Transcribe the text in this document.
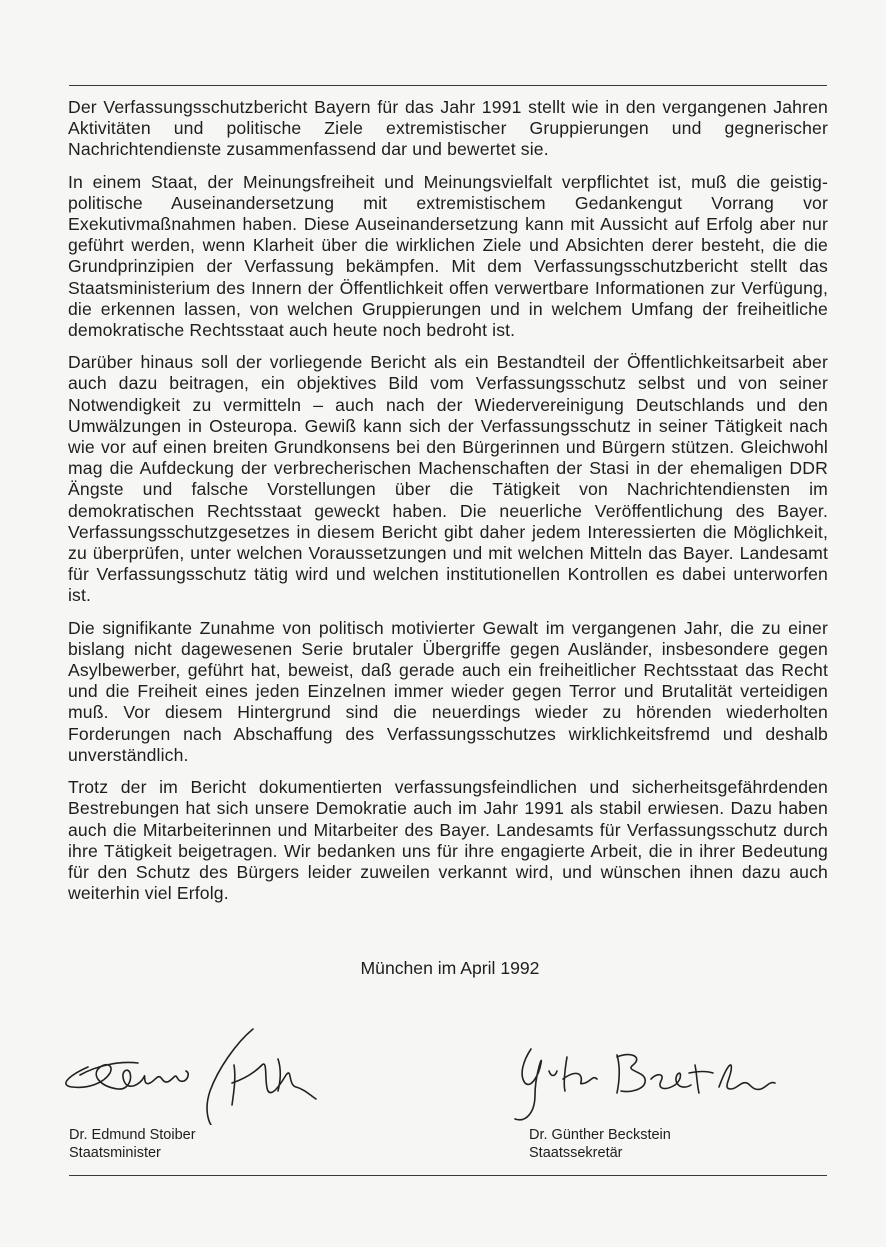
Der Verfassungsschutzbericht Bayern für das Jahr 1991 stellt wie in den vergangenen Jahren Aktivitäten und politische Ziele extremistischer Gruppierungen und gegnerischer Nachrichtendienste zusammenfassend dar und bewertet sie.

In einem Staat, der Meinungsfreiheit und Meinungsvielfalt verpflichtet ist, muß die geistig-politische Auseinandersetzung mit extremistischem Gedankengut Vorrang vor Exekutivmaßnahmen haben. Diese Auseinandersetzung kann mit Aussicht auf Erfolg aber nur geführt werden, wenn Klarheit über die wirklichen Ziele und Absichten derer besteht, die die Grundprinzipien der Verfassung bekämpfen. Mit dem Verfassungsschutzbericht stellt das Staatsministerium des Innern der Öffentlichkeit offen verwertbare Informationen zur Verfügung, die erkennen lassen, von welchen Gruppierungen und in welchem Umfang der freiheitliche demokratische Rechtsstaat auch heute noch bedroht ist.

Darüber hinaus soll der vorliegende Bericht als ein Bestandteil der Öffentlichkeitsarbeit aber auch dazu beitragen, ein objektives Bild vom Verfassungsschutz selbst und von seiner Notwendigkeit zu vermitteln – auch nach der Wiedervereinigung Deutschlands und den Umwälzungen in Osteuropa. Gewiß kann sich der Verfassungsschutz in seiner Tätigkeit nach wie vor auf einen breiten Grundkonsens bei den Bürgerinnen und Bürgern stützen. Gleichwohl mag die Aufdeckung der verbrecherischen Machenschaften der Stasi in der ehemaligen DDR Ängste und falsche Vorstellungen über die Tätigkeit von Nachrichtendiensten im demokratischen Rechtsstaat geweckt haben. Die neuerliche Veröffentlichung des Bayer. Verfassungsschutzgesetzes in diesem Bericht gibt daher jedem Interessierten die Möglichkeit, zu überprüfen, unter welchen Voraussetzungen und mit welchen Mitteln das Bayer. Landesamt für Verfassungsschutz tätig wird und welchen institutionellen Kontrollen es dabei unterworfen ist.

Die signifikante Zunahme von politisch motivierter Gewalt im vergangenen Jahr, die zu einer bislang nicht dagewesenen Serie brutaler Übergriffe gegen Ausländer, insbesondere gegen Asylbewerber, geführt hat, beweist, daß gerade auch ein freiheitlicher Rechtsstaat das Recht und die Freiheit eines jeden Einzelnen immer wieder gegen Terror und Brutalität verteidigen muß. Vor diesem Hintergrund sind die neuerdings wieder zu hörenden wiederholten Forderungen nach Abschaffung des Verfassungsschutzes wirklichkeitsfremd und deshalb unverständlich.

Trotz der im Bericht dokumentierten verfassungsfeindlichen und sicherheitsgefährdenden Bestrebungen hat sich unsere Demokratie auch im Jahr 1991 als stabil erwiesen. Dazu haben auch die Mitarbeiterinnen und Mitarbeiter des Bayer. Landesamts für Verfassungsschutz durch ihre Tätigkeit beigetragen. Wir bedanken uns für ihre engagierte Arbeit, die in ihrer Bedeutung für den Schutz des Bürgers leider zuweilen verkannt wird, und wünschen ihnen dazu auch weiterhin viel Erfolg.

München im April 1992
Dr. Edmund Stoiber
Staatsminister
Dr. Günther Beckstein
Staatssekretär
